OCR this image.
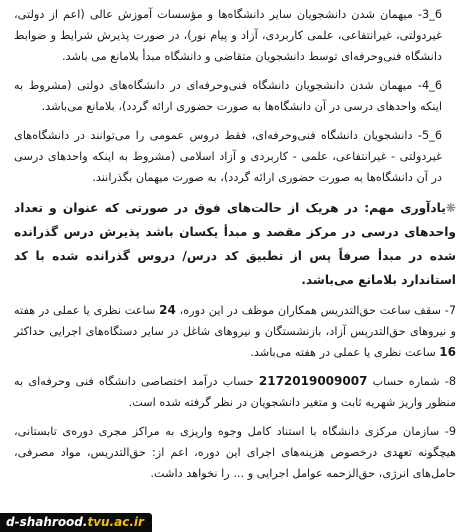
6_3- میهمان شدن دانشجویان سایر دانشگاه‌ها و مؤسسات آموزش عالی (اعم از دولتی، غیردولتی، غیرانتفاعی، علمی کاربردی، آزاد و پیام نور)، در صورت پذیرش شرایط و ضوابط دانشگاه فنی‌وحرفه‌ای توسط دانشجویان متقاضی و دانشگاه مبدأ بلامانع می باشد.

6_4- میهمان شدن دانشجویان دانشگاه فنی‌وحرفه‌ای در دانشگاه‌های دولتی (مشروط به اینکه واحدهای درسی در آن دانشگاه‌ها به صورت حضوری ارائه گردد)، بلامانع می‌باشد.

6_5- دانشجویان دانشگاه فنی‌وحرفه‌ای، فقط دروس عمومی را می‌توانند در دانشگاه‌های غیردولتی - غیرانتفاعی، علمی - کاربردی و آزاد اسلامی (مشروط به اینکه واحدهای درسی در آن دانشگاه‌ها به صورت حضوری ارائه گردد)، به صورت میهمان بگذرانند.

❋یادآوری مهم: در هریک از حالت‌های فوق در صورتی که عنوان و تعداد واحدهای درسی در مرکز مقصد و مبدأ یکسان باشد پذیرش درس گذرانده شده در مبدأ صرفاً پس از تطبیق کد درس/ دروس گذرانده شده با کد استاندارد بلامانع می‌باشد.

7- سقف ساعت حق‌التدریس همکاران موظف در این دوره، 24 ساعت نظری یا عملی در هفته و نیروهای حق‌التدریس آزاد، بازنشستگان و نیروهای شاغل در سایر دستگاه‌های اجرایی حداکثر 16 ساعت نظری یا عملی در هفته می‌باشد.

8- شماره حساب 2172019009007 حساب درآمد اختصاصی دانشگاه فنی وحرفه‌ای به منظور واریز شهریه ثابت و متغیر دانشجویان در نظر گرفته شده است.

9- سازمان مرکزی دانشگاه با استناد کامل وجوه واریزی به مراکز مجری دوره‌ی تابستانی، هیچگونه تعهدی درخصوص هزینه‌های اجرای این دوره، اعم از: حق‌التدریس، مواد مصرفی، حامل‌های انرژی، حق‌الزحمه عوامل اجرایی و ... را نخواهد داشت.

d-shahrood.tvu.ac.ir
